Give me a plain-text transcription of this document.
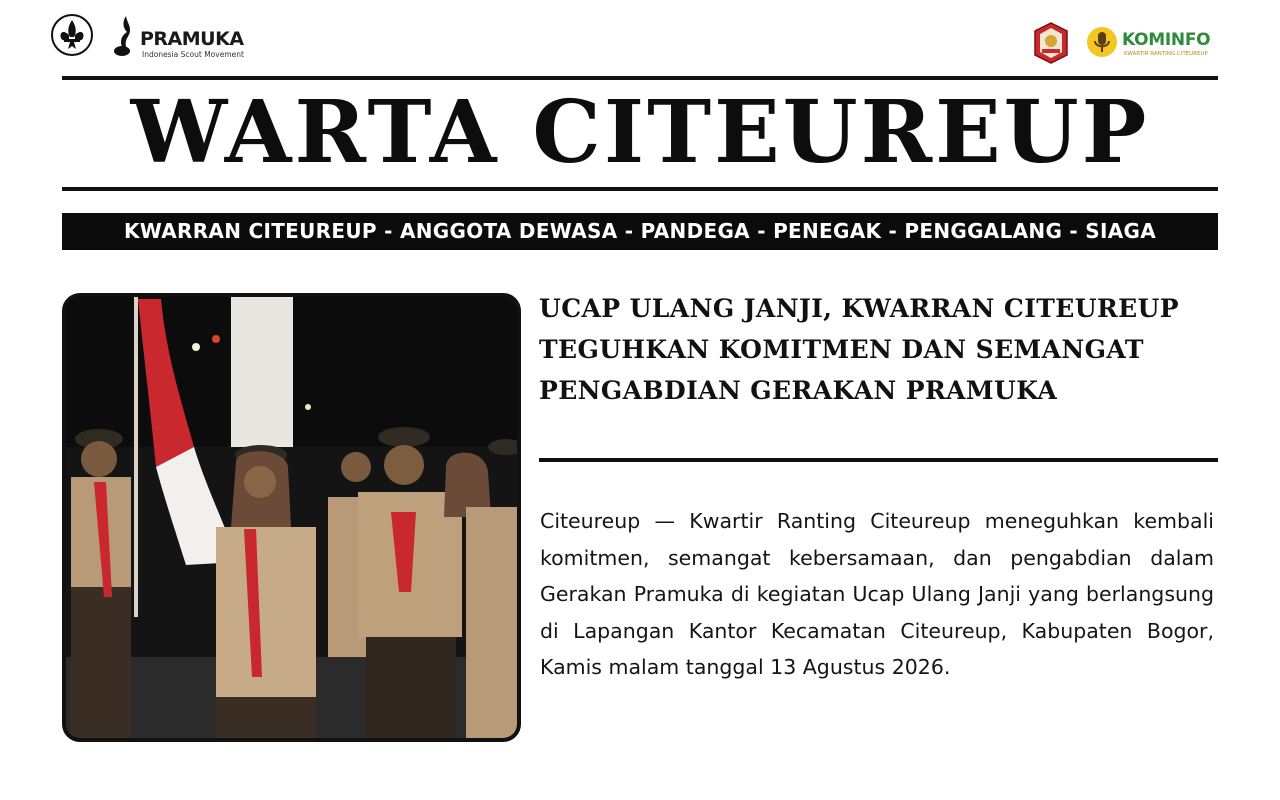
PRAMUKA
Indonesia Scout Movement
KOMINFO
KWARTIR RANTING CITEUREUP
WARTA CITEUREUP
KWARRAN CITEUREUP - ANGGOTA DEWASA - PANDEGA - PENEGAK - PENGGALANG - SIAGA
UCAP ULANG JANJI, KWARRAN CITEUREUP
TEGUHKAN KOMITMEN DAN SEMANGAT
PENGABDIAN GERAKAN PRAMUKA

Citeureup — Kwartir Ranting Citeureup meneguhkan kembali komitmen, semangat kebersamaan, dan pengabdian dalam Gerakan Pramuka di kegiatan Ucap Ulang Janji yang berlangsung di Lapangan Kantor Kecamatan Citeureup, Kabupaten Bogor, Kamis malam tanggal 13 Agustus 2026.
